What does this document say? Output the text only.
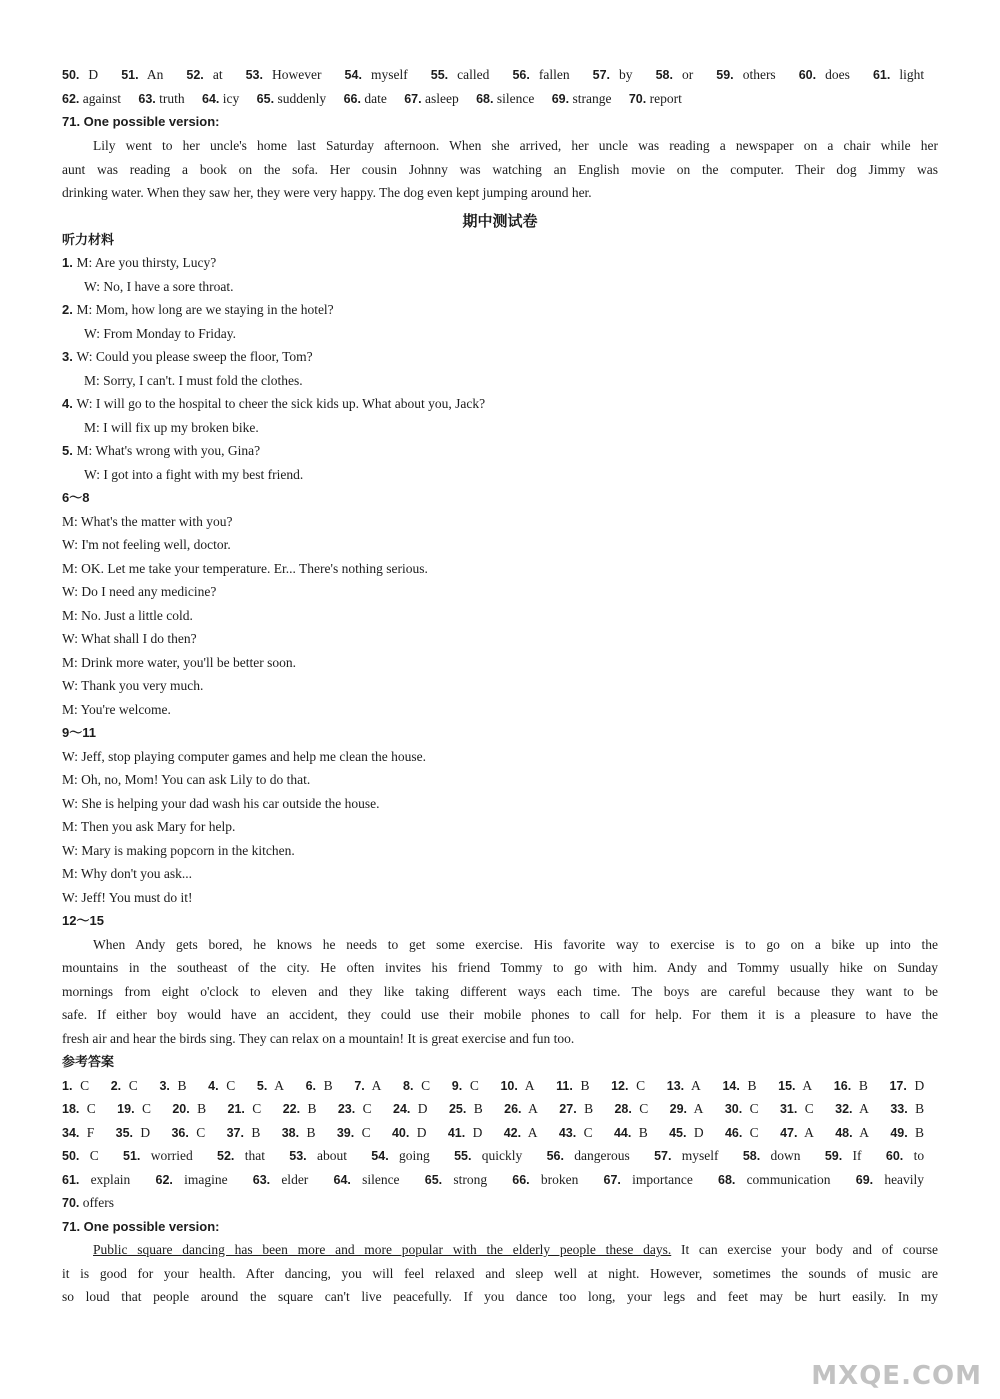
50. D 51. An 52. at 53. However 54. myself 55. called 56. fallen 57. by 58. or 59. others 60. does 61. light
62. against 63. truth 64. icy 65. suddenly 66. date 67. asleep 68. silence 69. strange 70. report
71. One possible version:
Lily went to her uncle's home last Saturday afternoon. When she arrived, her uncle was reading a newspaper on a chair while her
aunt was reading a book on the sofa. Her cousin Johnny was watching an English movie on the computer. Their dog Jimmy was
drinking water. When they saw her, they were very happy. The dog even kept jumping around her.
期中测试卷
听力材料
1. M: Are you thirsty, Lucy?
W: No, I have a sore throat.
2. M: Mom, how long are we staying in the hotel?
W: From Monday to Friday.
3. W: Could you please sweep the floor, Tom?
M: Sorry, I can't. I must fold the clothes.
4. W: I will go to the hospital to cheer the sick kids up. What about you, Jack?
M: I will fix up my broken bike.
5. M: What's wrong with you, Gina?
W: I got into a fight with my best friend.
6～8
M: What's the matter with you?
W: I'm not feeling well, doctor.
M: OK. Let me take your temperature. Er... There's nothing serious.
W: Do I need any medicine?
M: No. Just a little cold.
W: What shall I do then?
M: Drink more water, you'll be better soon.
W: Thank you very much.
M: You're welcome.
9～11
W: Jeff, stop playing computer games and help me clean the house.
M: Oh, no, Mom! You can ask Lily to do that.
W: She is helping your dad wash his car outside the house.
M: Then you ask Mary for help.
W: Mary is making popcorn in the kitchen.
M: Why don't you ask...
W: Jeff! You must do it!
12～15
When Andy gets bored, he knows he needs to get some exercise. His favorite way to exercise is to go on a bike up into the
mountains in the southeast of the city. He often invites his friend Tommy to go with him. Andy and Tommy usually hike on Sunday
mornings from eight o'clock to eleven and they like taking different ways each time. The boys are careful because they want to be
safe. If either boy would have an accident, they could use their mobile phones to call for help. For them it is a pleasure to have the
fresh air and hear the birds sing. They can relax on a mountain! It is great exercise and fun too.
参考答案
1. C 2. C 3. B 4. C 5. A 6. B 7. A 8. C 9. C 10. A 11. B 12. C 13. A 14. B 15. A 16. B 17. D
18. C 19. C 20. B 21. C 22. B 23. C 24. D 25. B 26. A 27. B 28. C 29. A 30. C 31. C 32. A 33. B
34. F 35. D 36. C 37. B 38. B 39. C 40. D 41. D 42. A 43. C 44. B 45. D 46. C 47. A 48. A 49. B
50. C 51. worried 52. that 53. about 54. going 55. quickly 56. dangerous 57. myself 58. down 59. If 60. to
61. explain 62. imagine 63. elder 64. silence 65. strong 66. broken 67. importance 68. communication 69. heavily
70. offers
71. One possible version:
Public square dancing has been more and more popular with the elderly people these days. It can exercise your body and of course
it is good for your health. After dancing, you will feel relaxed and sleep well at night. However, sometimes the sounds of music are
so loud that people around the square can't live peacefully. If you dance too long, your legs and feet may be hurt easily. In my
MXQE.COM
